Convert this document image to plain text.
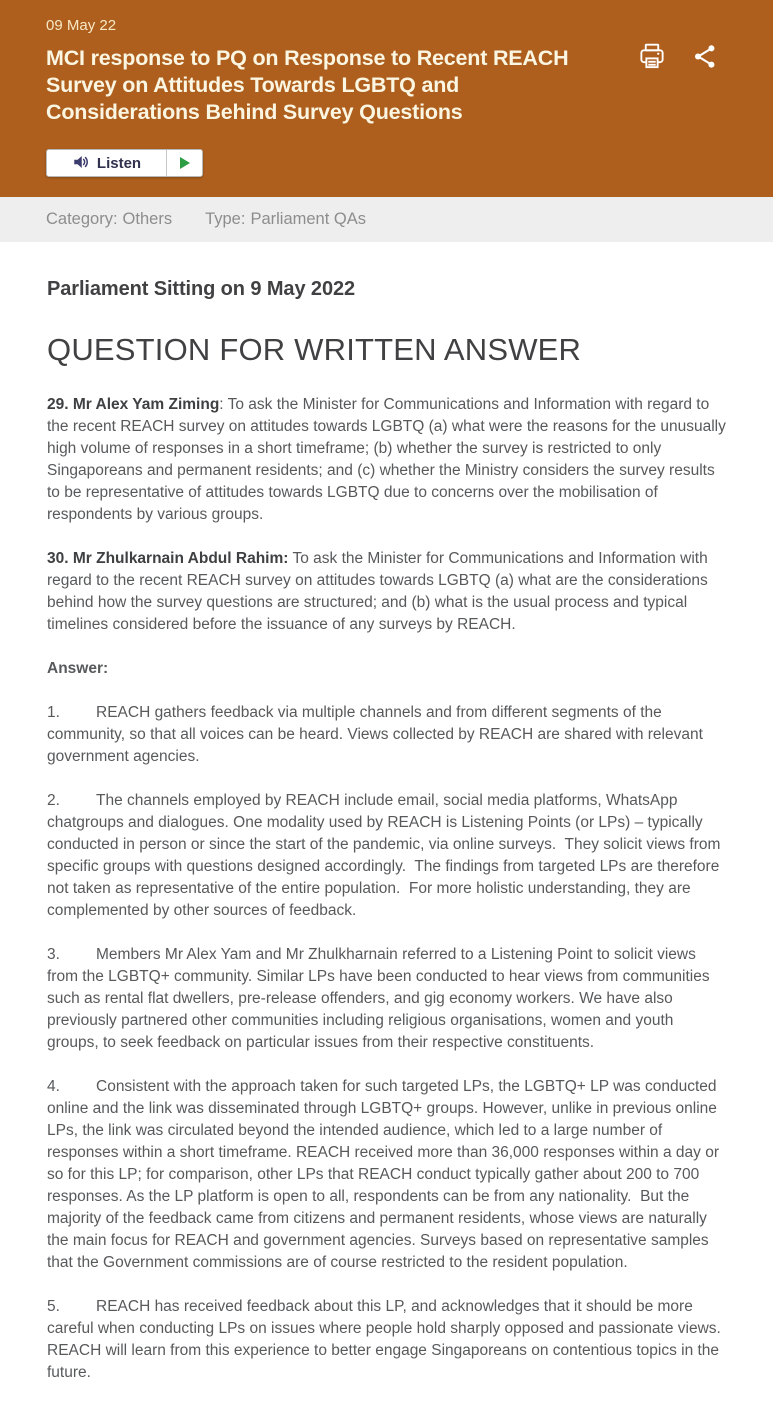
09 May 22
MCI response to PQ on Response to Recent REACH Survey on Attitudes Towards LGBTQ and Considerations Behind Survey Questions
Listen
Category: Others Type: Parliament QAs
Parliament Sitting on 9 May 2022
QUESTION FOR WRITTEN ANSWER

29. Mr Alex Yam Ziming: To ask the Minister for Communications and Information with regard to the recent REACH survey on attitudes towards LGBTQ (a) what were the reasons for the unusually high volume of responses in a short timeframe; (b) whether the survey is restricted to only Singaporeans and permanent residents; and (c) whether the Ministry considers the survey results to be representative of attitudes towards LGBTQ due to concerns over the mobilisation of respondents by various groups.

30. Mr Zhulkarnain Abdul Rahim: To ask the Minister for Communications and Information with regard to the recent REACH survey on attitudes towards LGBTQ (a) what are the considerations behind how the survey questions are structured; and (b) what is the usual process and typical timelines considered before the issuance of any surveys by REACH.

Answer:

1. REACH gathers feedback via multiple channels and from different segments of the community, so that all voices can be heard. Views collected by REACH are shared with relevant government agencies.

2. The channels employed by REACH include email, social media platforms, WhatsApp chatgroups and dialogues. One modality used by REACH is Listening Points (or LPs) – typically conducted in person or since the start of the pandemic, via online surveys.  They solicit views from specific groups with questions designed accordingly.  The findings from targeted LPs are therefore not taken as representative of the entire population.  For more holistic understanding, they are complemented by other sources of feedback.

3. Members Mr Alex Yam and Mr Zhulkharnain referred to a Listening Point to solicit views from the LGBTQ+ community. Similar LPs have been conducted to hear views from communities such as rental flat dwellers, pre-release offenders, and gig economy workers. We have also previously partnered other communities including religious organisations, women and youth groups, to seek feedback on particular issues from their respective constituents.

4. Consistent with the approach taken for such targeted LPs, the LGBTQ+ LP was conducted online and the link was disseminated through LGBTQ+ groups. However, unlike in previous online LPs, the link was circulated beyond the intended audience, which led to a large number of responses within a short timeframe. REACH received more than 36,000 responses within a day or so for this LP; for comparison, other LPs that REACH conduct typically gather about 200 to 700 responses. As the LP platform is open to all, respondents can be from any nationality.  But the majority of the feedback came from citizens and permanent residents, whose views are naturally the main focus for REACH and government agencies. Surveys based on representative samples that the Government commissions are of course restricted to the resident population.

5. REACH has received feedback about this LP, and acknowledges that it should be more careful when conducting LPs on issues where people hold sharply opposed and passionate views. REACH will learn from this experience to better engage Singaporeans on contentious topics in the future.
